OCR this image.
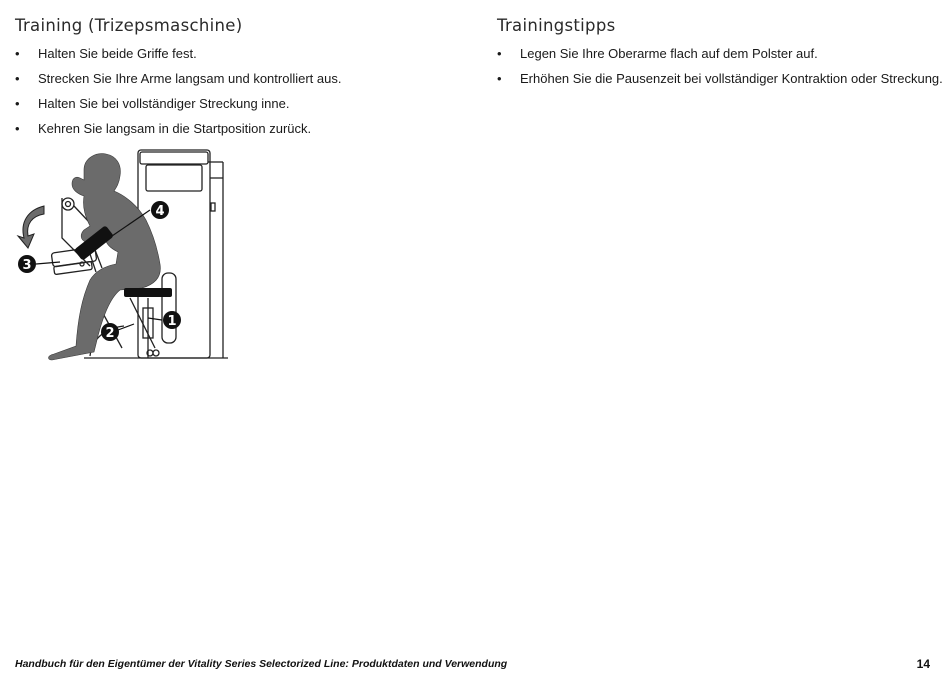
Training (Trizepsmaschine)
• Halten Sie beide Griffe fest.
• Strecken Sie Ihre Arme langsam und kontrolliert aus.
• Halten Sie bei vollständiger Streckung inne.
• Kehren Sie langsam in die Startposition zurück.
Trainingstipps
• Legen Sie Ihre Oberarme flach auf dem Polster auf.
• Erhöhen Sie die Pausenzeit bei vollständiger Kontraktion oder Streckung.
4
3
1
2
Handbuch für den Eigentümer der Vitality Series Selectorized Line: Produktdaten und Verwendung	14
